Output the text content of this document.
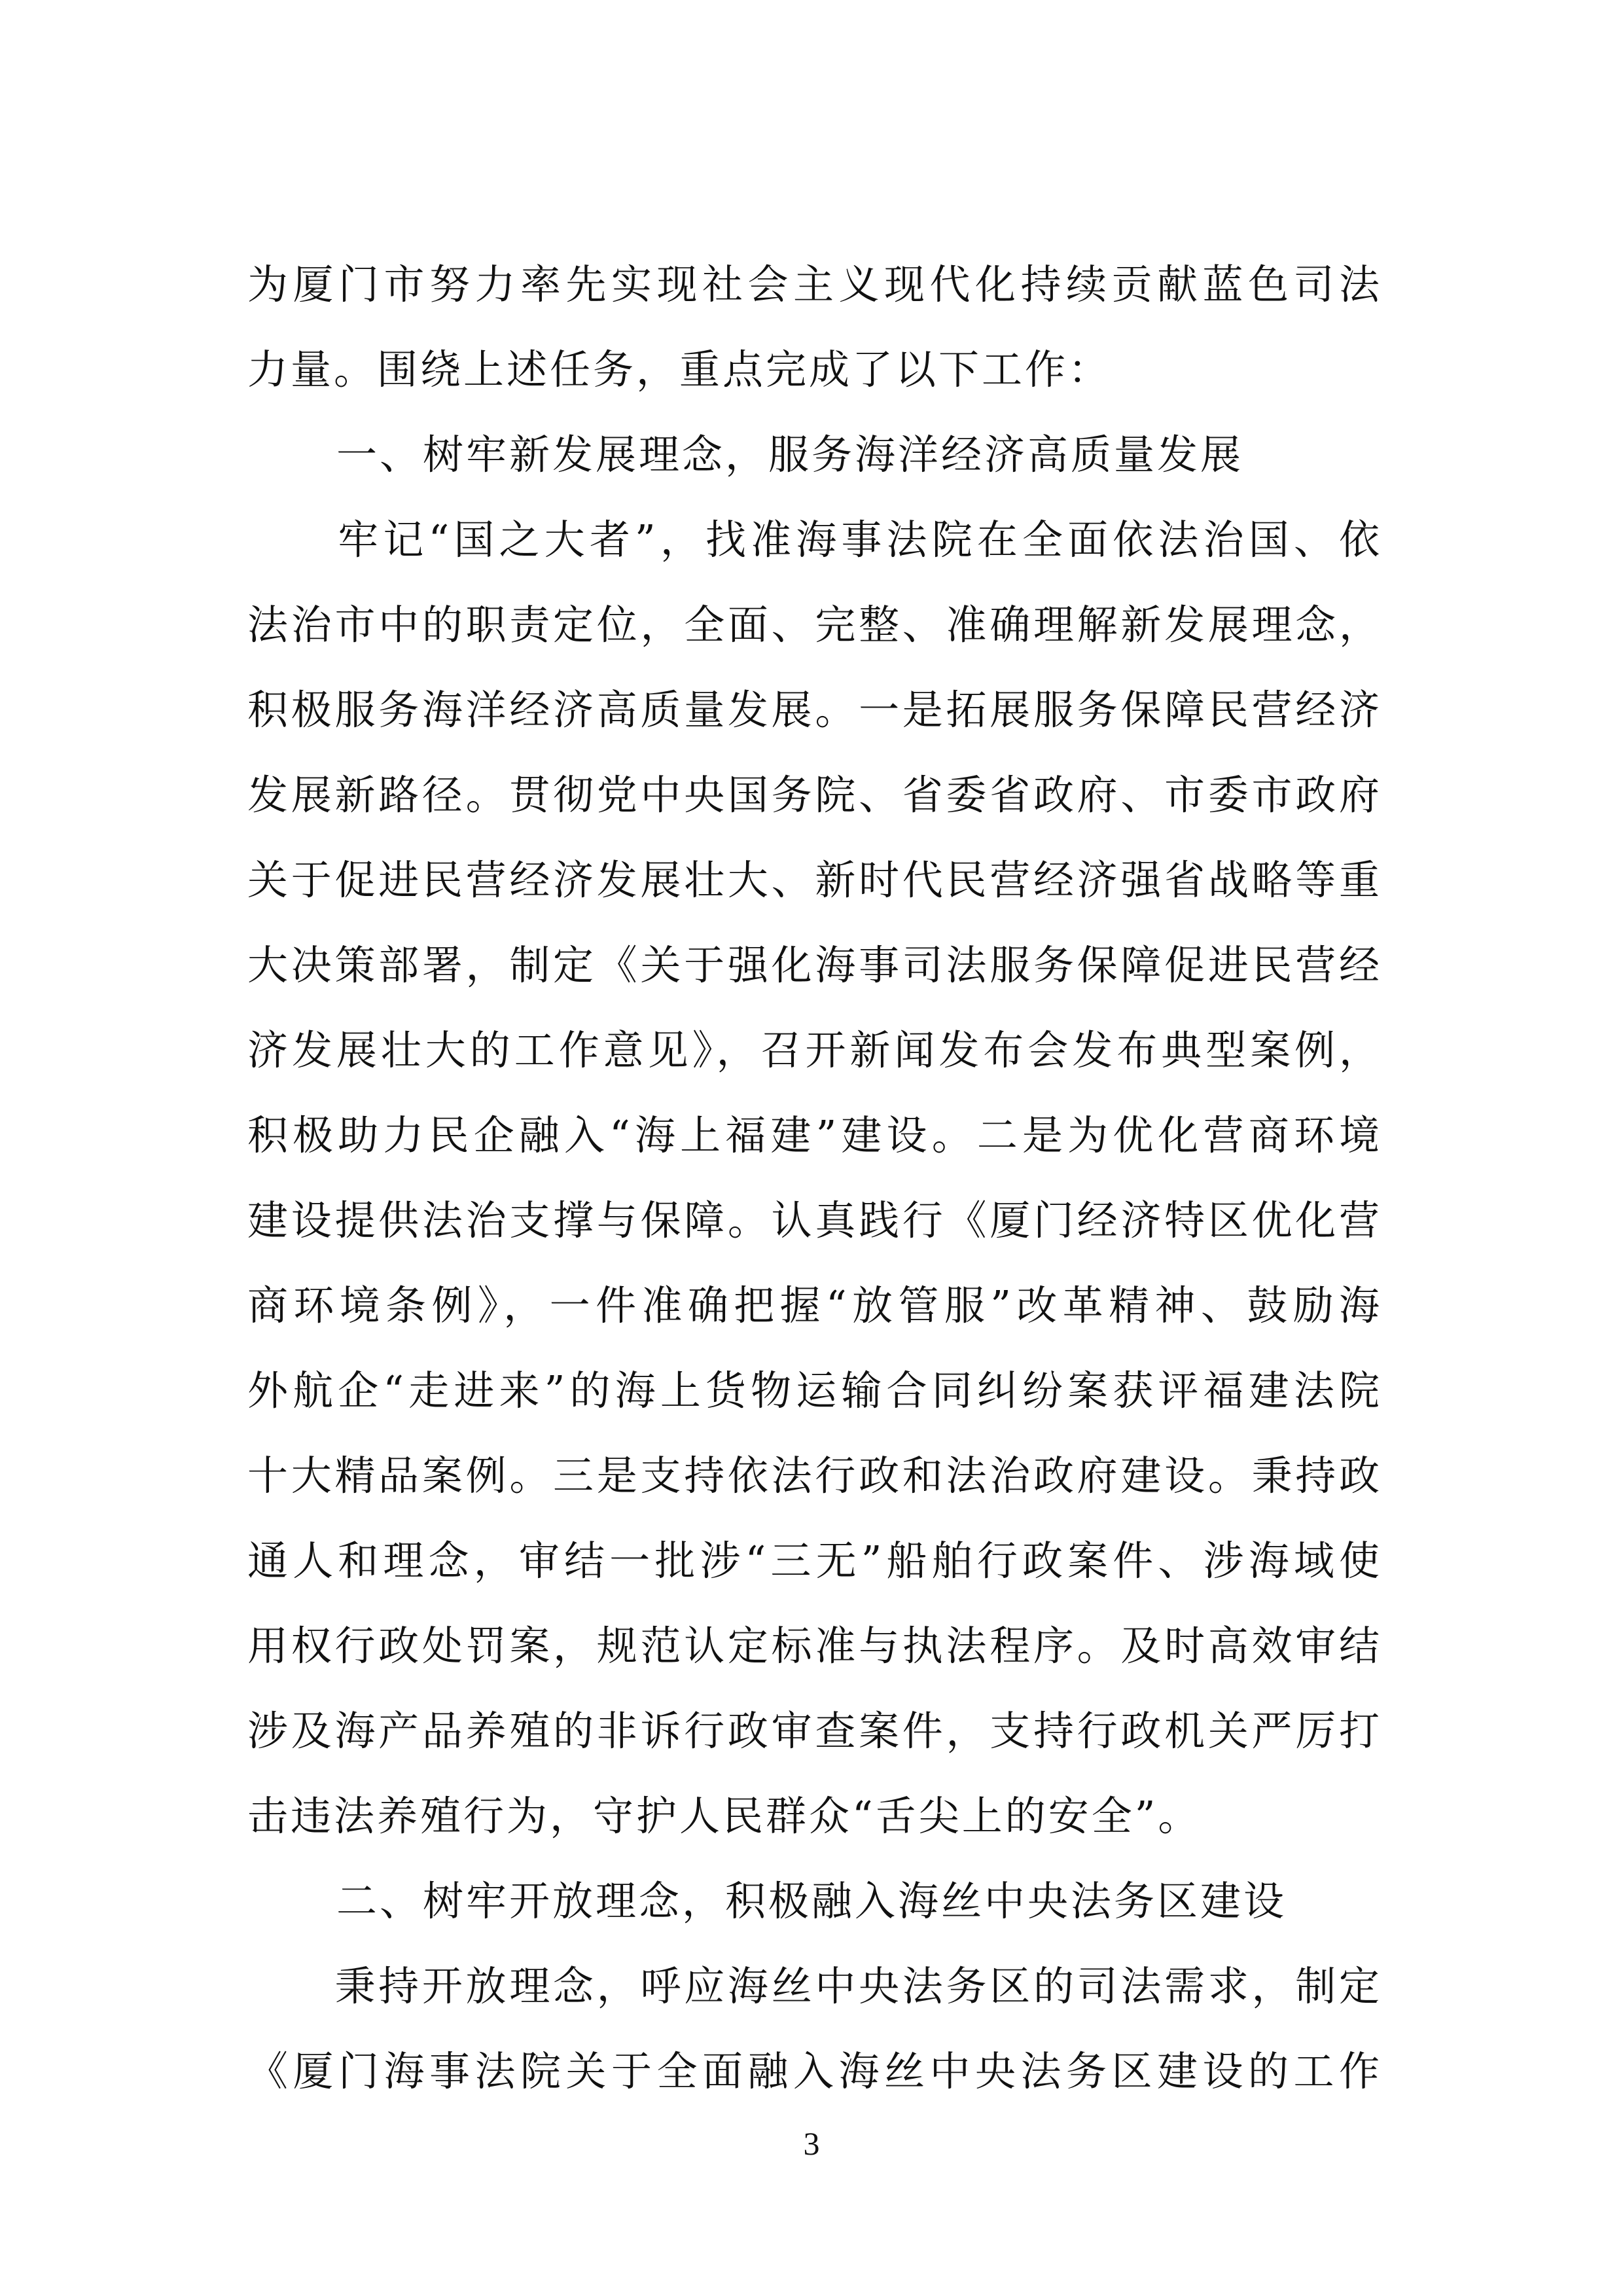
为厦门市努力率先实现社会主义现代化持续贡献蓝色司法
力量。围绕上述任务，重点完成了以下工作：
一、树牢新发展理念，服务海洋经济高质量发展
　　牢记“国之大者”，找准海事法院在全面依法治国、依
法治市中的职责定位，全面、完整、准确理解新发展理念，
积极服务海洋经济高质量发展。一是拓展服务保障民营经济
发展新路径。贯彻党中央国务院、省委省政府、市委市政府
关于促进民营经济发展壮大、新时代民营经济强省战略等重
大决策部署，制定《关于强化海事司法服务保障促进民营经
济发展壮大的工作意见》，召开新闻发布会发布典型案例，
积极助力民企融入“海上福建”建设。二是为优化营商环境
建设提供法治支撑与保障。认真践行《厦门经济特区优化营
商环境条例》，一件准确把握“放管服”改革精神、鼓励海
外航企“走进来”的海上货物运输合同纠纷案获评福建法院
十大精品案例。三是支持依法行政和法治政府建设。秉持政
通人和理念，审结一批涉“三无”船舶行政案件、涉海域使
用权行政处罚案，规范认定标准与执法程序。及时高效审结
涉及海产品养殖的非诉行政审查案件，支持行政机关严厉打
击违法养殖行为，守护人民群众“舌尖上的安全”。
二、树牢开放理念，积极融入海丝中央法务区建设
　　秉持开放理念，呼应海丝中央法务区的司法需求，制定
《厦门海事法院关于全面融入海丝中央法务区建设的工作
3
